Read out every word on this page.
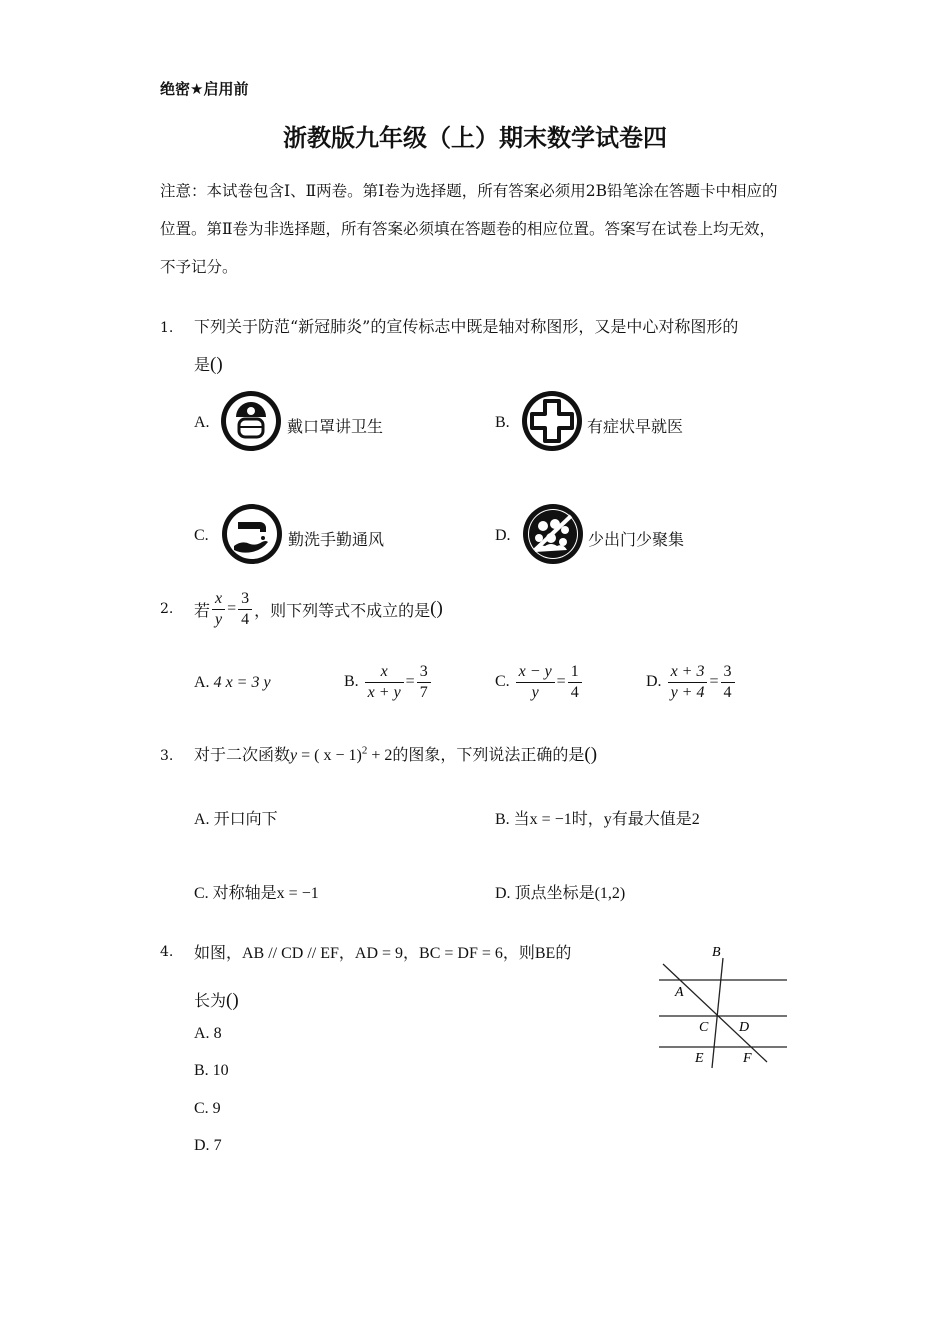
绝密★启用前
浙教版九年级（上）期末数学试卷四
注意：本试卷包含Ⅰ、Ⅱ两卷。第Ⅰ卷为选择题，所有答案必须用2B铅笔涂在答题卡中相应的位置。第Ⅱ卷为非选择题，所有答案必须填在答题卷的相应位置。答案写在试卷上均无效，不予记分。
1. 下列关于防范“新冠肺炎”的宣传标志中既是轴对称图形，又是中心对称图形的
是()
A.	戴口罩讲卫生	B.	有症状早就医
C.	勤洗手勤通风	D.	少出门少聚集
2. 若 $\frac{x}{y} = \frac{3}{4}$ ，则下列等式不成立的是 ()
A.
4 x = 3 y	B.
$\frac{x}{x + y} = \frac{3}{7}$	C.
$\frac{x - y}{y} = \frac{1}{4}$	D.
$\frac{x + 3}{y + 4} = \frac{3}{4}$
3. 对于二次函数y = ( x − 1)$^2$ + 2的图象，下列说法正确的是()
A. 开口向下	B. 当x = −1时，y有最大值是2
C. 对称轴是x = −1	D. 顶点坐标是(1,2)
4. 如图，AB // CD // EF，AD = 9，BC = DF = 6，则BE的
长为()
A. 8
B. 10
C. 9
D. 7
B
A
C D
E	F
